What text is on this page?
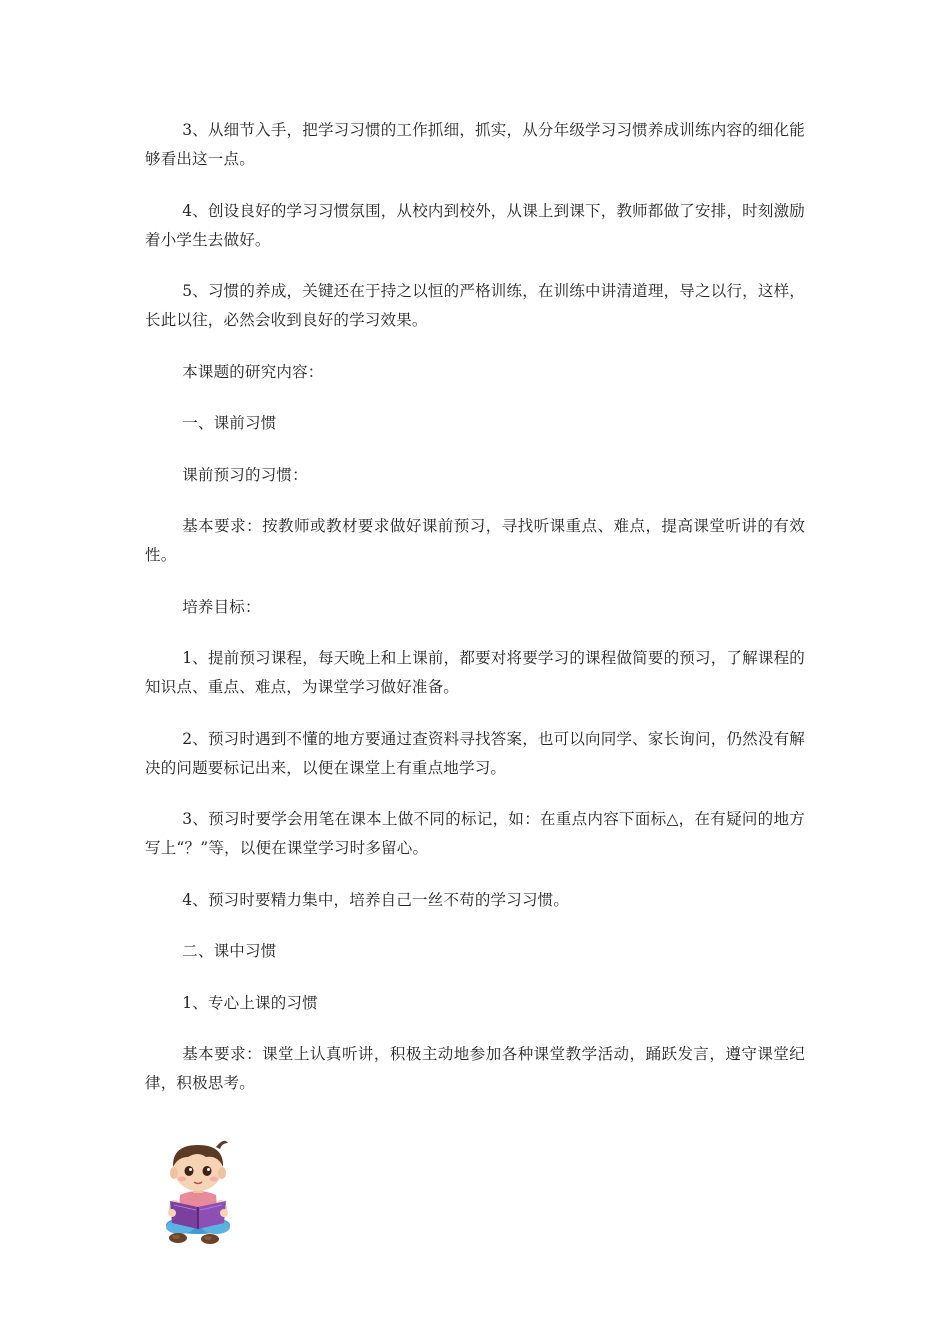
3、从细节入手，把学习习惯的工作抓细，抓实，从分年级学习习惯养成训练内容的细化能够看出这一点。

4、创设良好的学习习惯氛围，从校内到校外，从课上到课下，教师都做了安排，时刻激励着小学生去做好。

5、习惯的养成，关键还在于持之以恒的严格训练，在训练中讲清道理，导之以行，这样，长此以往，必然会收到良好的学习效果。

本课题的研究内容：

一、课前习惯

课前预习的习惯：

基本要求：按教师或教材要求做好课前预习，寻找听课重点、难点，提高课堂听讲的有效性。

培养目标：

1、提前预习课程，每天晚上和上课前，都要对将要学习的课程做简要的预习，了解课程的知识点、重点、难点，为课堂学习做好准备。

2、预习时遇到不懂的地方要通过查资料寻找答案，也可以向同学、家长询问，仍然没有解决的问题要标记出来，以便在课堂上有重点地学习。

3、预习时要学会用笔在课本上做不同的标记，如：在重点内容下面标△，在有疑问的地方写上“？”等，以便在课堂学习时多留心。

4、预习时要精力集中，培养自己一丝不苟的学习习惯。

二、课中习惯

1、专心上课的习惯

基本要求：课堂上认真听讲，积极主动地参加各种课堂教学活动，踊跃发言，遵守课堂纪律，积极思考。
